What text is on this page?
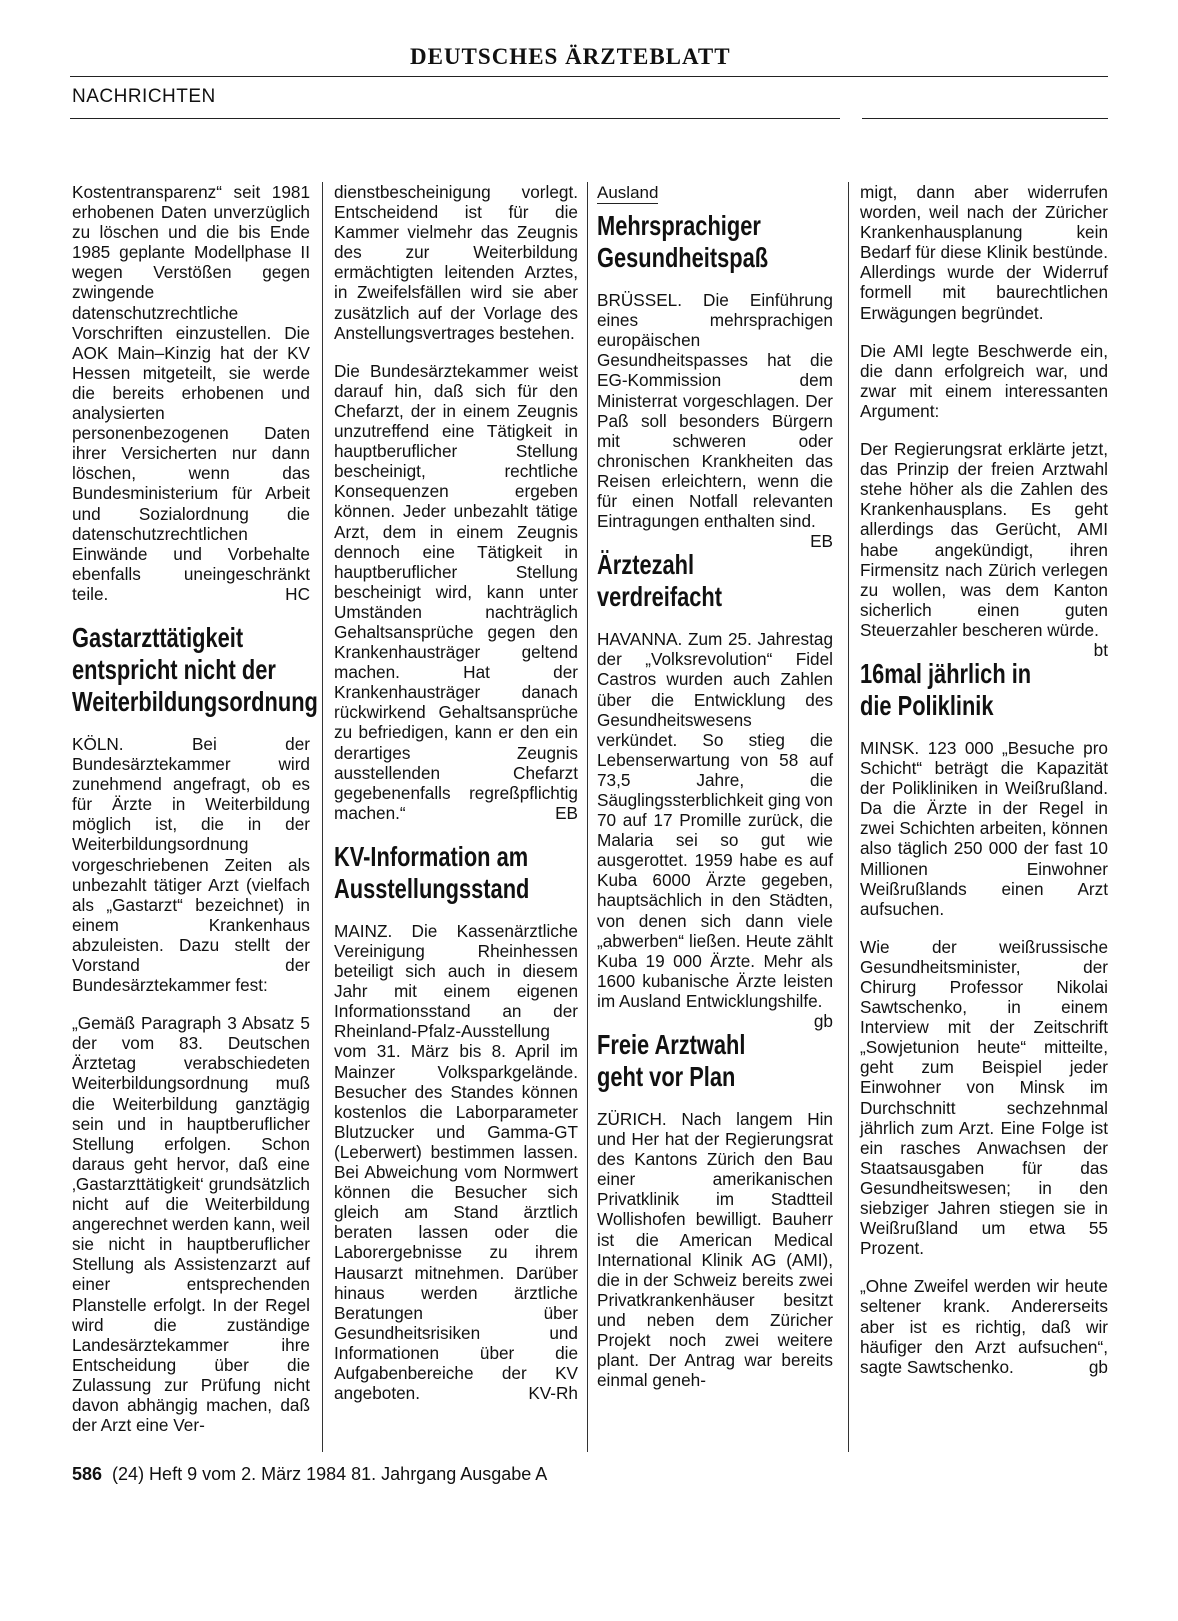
DEUTSCHES ÄRZTEBLATT
NACHRICHTEN

Kostentransparenz“ seit 1981 erhobenen Daten unverzüglich zu löschen und die bis Ende 1985 geplante Modellphase II wegen Verstößen gegen zwingende datenschutzrechtliche Vorschriften einzustellen. Die AOK Main–Kinzig hat der KV Hessen mitgeteilt, sie werde die bereits erhobenen und analysierten personenbezogenen Daten ihrer Versicherten nur dann löschen, wenn das Bundesministerium für Arbeit und Sozialordnung die datenschutzrechtlichen Einwände und Vorbehalte ebenfalls uneingeschränkt teile.	HC

Gastarzttätigkeit entspricht nicht der Weiterbildungsordnung

KÖLN. Bei der Bundesärztekammer wird zunehmend angefragt, ob es für Ärzte in Weiterbildung möglich ist, die in der Weiterbildungsordnung vorgeschriebenen Zeiten als unbezahlt tätiger Arzt (vielfach als „Gastarzt“ bezeichnet) in einem Krankenhaus abzuleisten. Dazu stellt der Vorstand der Bundesärztekammer fest:

„Gemäß Paragraph 3 Absatz 5 der vom 83. Deutschen Ärztetag verabschiedeten Weiterbildungsordnung muß die Weiterbildung ganztägig sein und in hauptberuflicher Stellung erfolgen. Schon daraus geht hervor, daß eine ‚Gastarzttätigkeit‘ grundsätzlich nicht auf die Weiterbildung angerechnet werden kann, weil sie nicht in hauptberuflicher Stellung als Assistenzarzt auf einer entsprechenden Planstelle erfolgt. In der Regel wird die zuständige Landesärztekammer ihre Entscheidung über die Zulassung zur Prüfung nicht davon abhängig machen, daß der Arzt eine Ver-

dienstbescheinigung vorlegt. Entscheidend ist für die Kammer vielmehr das Zeugnis des zur Weiterbildung ermächtigten leitenden Arztes, in Zweifelsfällen wird sie aber zusätzlich auf der Vorlage des Anstellungsvertrages bestehen.

Die Bundesärztekammer weist darauf hin, daß sich für den Chefarzt, der in einem Zeugnis unzutreffend eine Tätigkeit in hauptberuflicher Stellung bescheinigt, rechtliche Konsequenzen ergeben können. Jeder unbezahlt tätige Arzt, dem in einem Zeugnis dennoch eine Tätigkeit in hauptberuflicher Stellung bescheinigt wird, kann unter Umständen nachträglich Gehaltsansprüche gegen den Krankenhausträger geltend machen. Hat der Krankenhausträger danach rückwirkend Gehaltsansprüche zu befriedigen, kann er den ein derartiges Zeugnis ausstellenden Chefarzt gegebenenfalls regreßpflichtig machen.“	EB

KV-Information am Ausstellungsstand

MAINZ. Die Kassenärztliche Vereinigung Rheinhessen beteiligt sich auch in diesem Jahr mit einem eigenen Informationsstand an der Rheinland-Pfalz-Ausstellung vom 31. März bis 8. April im Mainzer Volksparkgelände. Besucher des Standes können kostenlos die Laborparameter Blutzucker und Gamma-GT (Leberwert) bestimmen lassen. Bei Abweichung vom Normwert können die Besucher sich gleich am Stand ärztlich beraten lassen oder die Laborergebnisse zu ihrem Hausarzt mitnehmen. Darüber hinaus werden ärztliche Beratungen über Gesundheitsrisiken und Informationen über die Aufgabenbereiche der KV angeboten.	KV-Rh

Ausland
Mehrsprachiger Gesundheitspaß

BRÜSSEL. Die Einführung eines mehrsprachigen europäischen Gesundheitspasses hat die EG-Kommission dem Ministerrat vorgeschlagen. Der Paß soll besonders Bürgern mit schweren oder chronischen Krankheiten das Reisen erleichtern, wenn die für einen Notfall relevanten Eintragungen enthalten sind.
EB

Ärztezahl verdreifacht

HAVANNA. Zum 25. Jahrestag der „Volksrevolution“ Fidel Castros wurden auch Zahlen über die Entwicklung des Gesundheitswesens verkündet. So stieg die Lebenserwartung von 58 auf 73,5 Jahre, die Säuglingssterblichkeit ging von 70 auf 17 Promille zurück, die Malaria sei so gut wie ausgerottet. 1959 habe es auf Kuba 6000 Ärzte gegeben, hauptsächlich in den Städten, von denen sich dann viele „abwerben“ ließen. Heute zählt Kuba 19 000 Ärzte. Mehr als 1600 kubanische Ärzte leisten im Ausland Entwicklungshilfe.
gb

Freie Arztwahl geht vor Plan

ZÜRICH. Nach langem Hin und Her hat der Regierungsrat des Kantons Zürich den Bau einer amerikanischen Privatklinik im Stadtteil Wollishofen bewilligt. Bauherr ist die American Medical International Klinik AG (AMI), die in der Schweiz bereits zwei Privatkrankenhäuser besitzt und neben dem Züricher Projekt noch zwei weitere plant. Der Antrag war bereits einmal geneh-

migt, dann aber widerrufen worden, weil nach der Züricher Krankenhausplanung kein Bedarf für diese Klinik bestünde. Allerdings wurde der Widerruf formell mit baurechtlichen Erwägungen begründet.

Die AMI legte Beschwerde ein, die dann erfolgreich war, und zwar mit einem interessanten Argument:

Der Regierungsrat erklärte jetzt, das Prinzip der freien Arztwahl stehe höher als die Zahlen des Krankenhausplans. Es geht allerdings das Gerücht, AMI habe angekündigt, ihren Firmensitz nach Zürich verlegen zu wollen, was dem Kanton sicherlich einen guten Steuerzahler bescheren würde.
bt

16mal jährlich in die Poliklinik

MINSK. 123 000 „Besuche pro Schicht“ beträgt die Kapazität der Polikliniken in Weißrußland. Da die Ärzte in der Regel in zwei Schichten arbeiten, können also täglich 250 000 der fast 10 Millionen Einwohner Weißrußlands einen Arzt aufsuchen.

Wie der weißrussische Gesundheitsminister, der Chirurg Professor Nikolai Sawtschenko, in einem Interview mit der Zeitschrift „Sowjetunion heute“ mitteilte, geht zum Beispiel jeder Einwohner von Minsk im Durchschnitt sechzehnmal jährlich zum Arzt. Eine Folge ist ein rasches Anwachsen der Staatsausgaben für das Gesundheitswesen; in den siebziger Jahren stiegen sie in Weißrußland um etwa 55 Prozent.

„Ohne Zweifel werden wir heute seltener krank. Andererseits aber ist es richtig, daß wir häufiger den Arzt aufsuchen“, sagte Sawtschenko.	gb

586 (24) Heft 9 vom 2. März 1984 81. Jahrgang Ausgabe A
